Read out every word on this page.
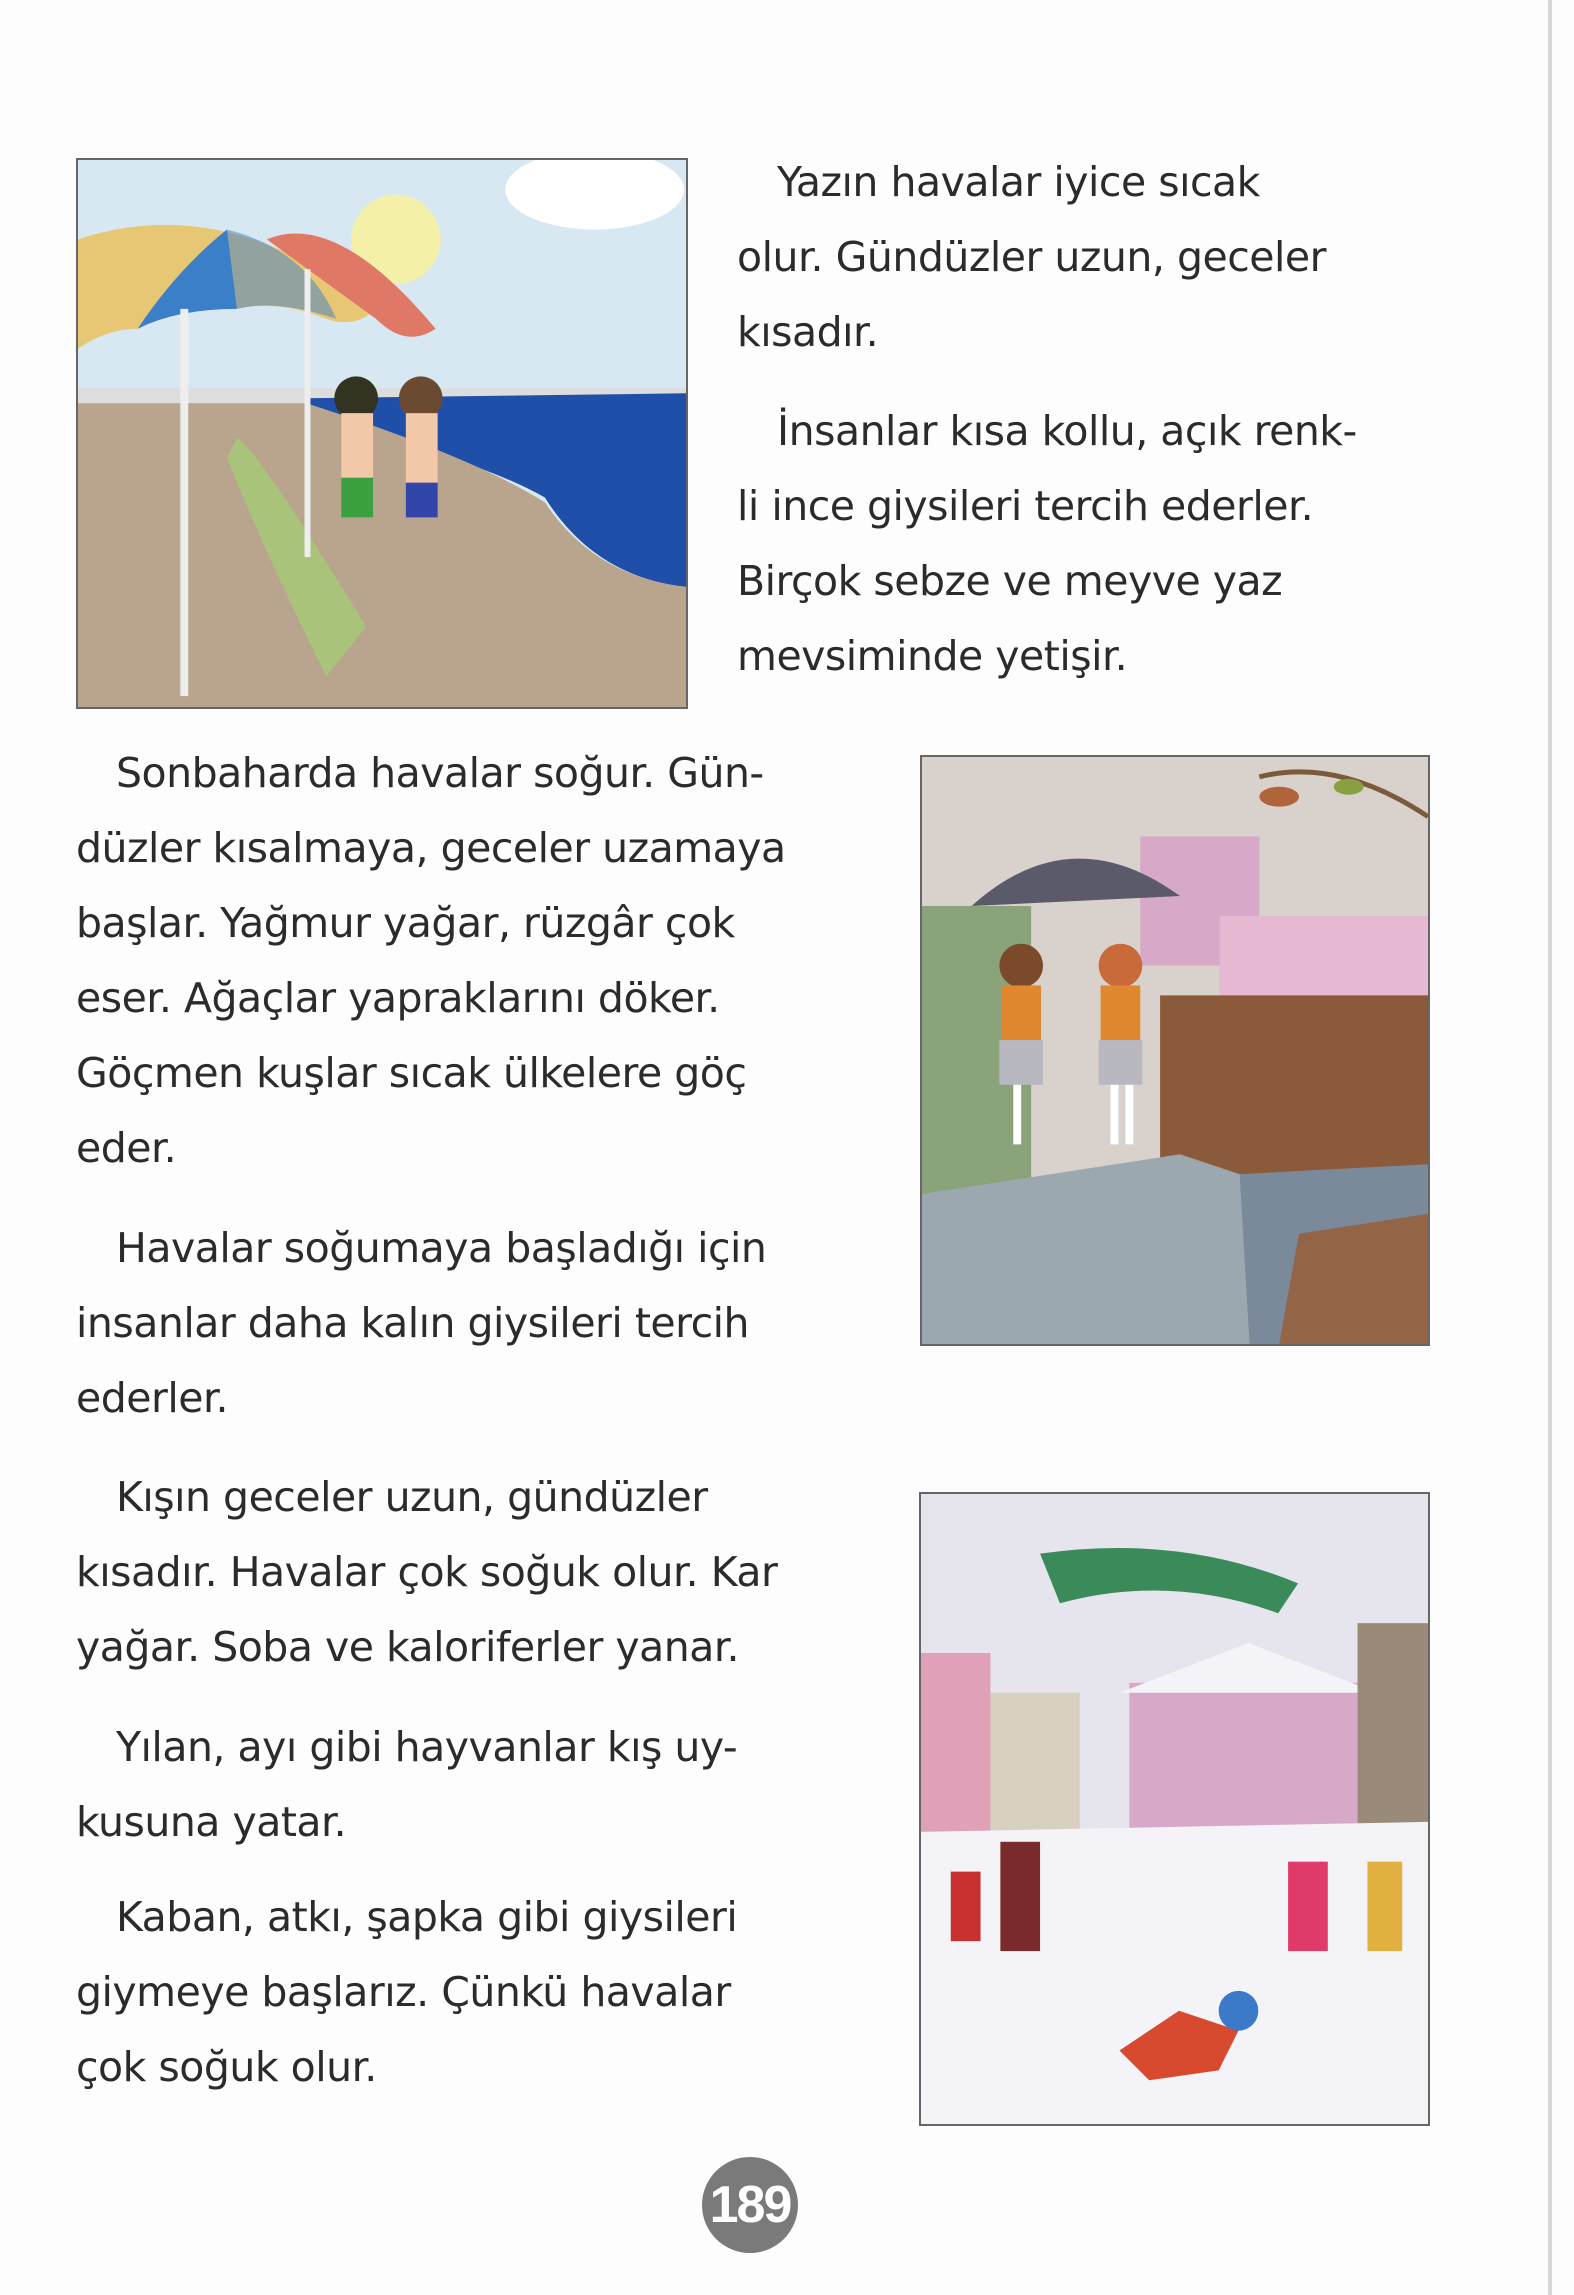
Yazın havalar iyice sıcak
olur. Gündüzler uzun, geceler
kısadır.
İnsanlar kısa kollu, açık renk-
li ince giysileri tercih ederler.
Birçok sebze ve meyve yaz
mevsiminde yetişir.
Sonbaharda havalar soğur. Gün-
düzler kısalmaya, geceler uzamaya
başlar. Yağmur yağar, rüzgâr çok
eser. Ağaçlar yapraklarını döker.
Göçmen kuşlar sıcak ülkelere göç
eder.
Havalar soğumaya başladığı için
insanlar daha kalın giysileri tercih
ederler.
Kışın geceler uzun, gündüzler
kısadır. Havalar çok soğuk olur. Kar
yağar. Soba ve kaloriferler yanar.
Yılan, ayı gibi hayvanlar kış uy-
kusuna yatar.
Kaban, atkı, şapka gibi giysileri
giymeye başlarız. Çünkü havalar
çok soğuk olur.
189
